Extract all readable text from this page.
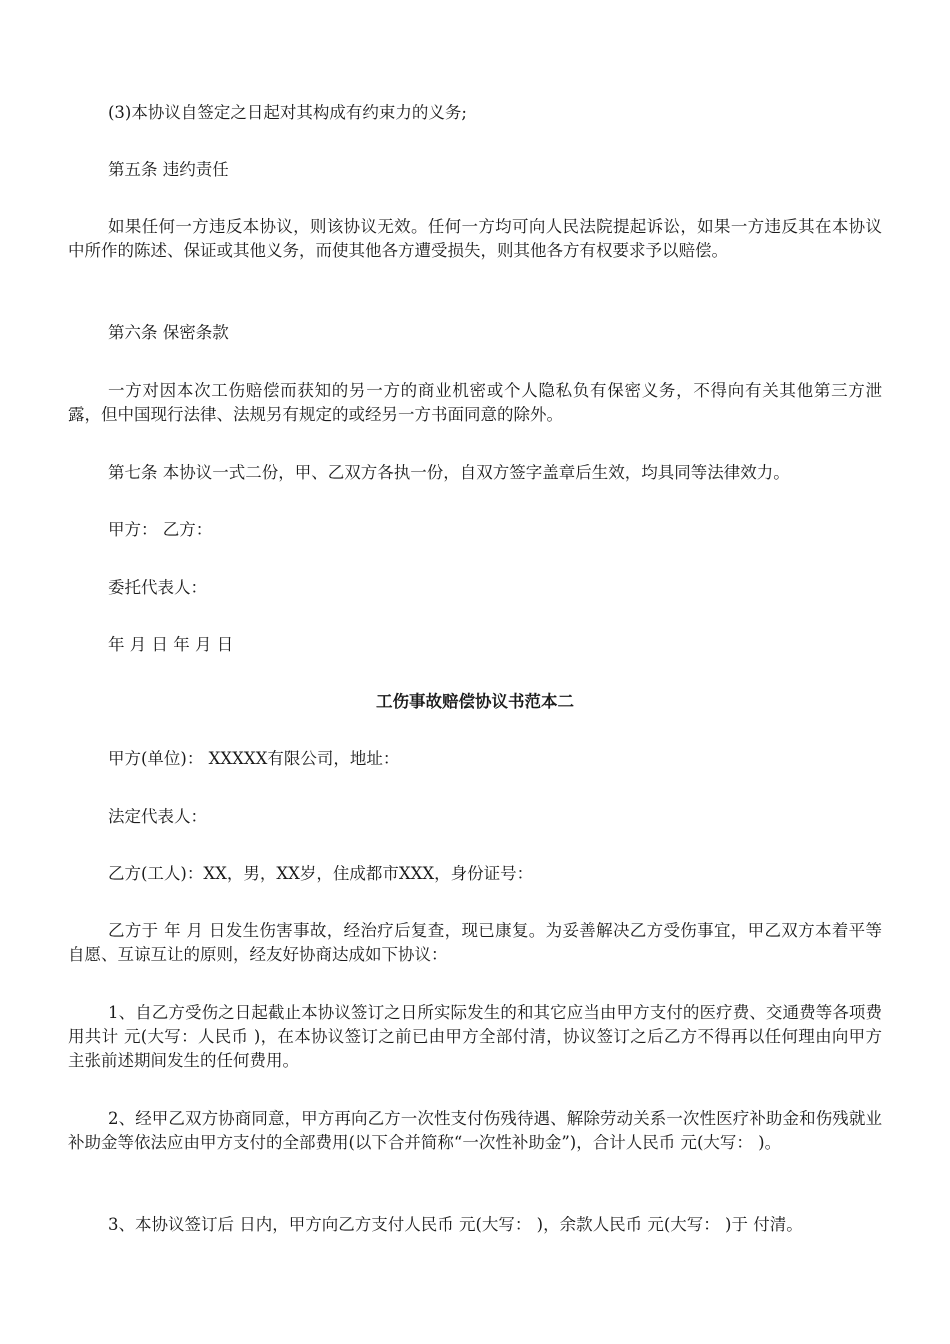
(3)本协议自签定之日起对其构成有约束力的义务;

第五条 违约责任

如果任何一方违反本协议，则该协议无效。任何一方均可向人民法院提起诉讼，如果一方违反其在本协议中所作的陈述、保证或其他义务，而使其他各方遭受损失，则其他各方有权要求予以赔偿。

第六条 保密条款

一方对因本次工伤赔偿而获知的另一方的商业机密或个人隐私负有保密义务，不得向有关其他第三方泄露，但中国现行法律、法规另有规定的或经另一方书面同意的除外。

第七条 本协议一式二份，甲、乙双方各执一份，自双方签字盖章后生效，均具同等法律效力。

甲方： 乙方：

委托代表人：

年 月 日 年 月 日

工伤事故赔偿协议书范本二

甲方(单位)： XXXXX有限公司，地址：

法定代表人：

乙方(工人)：XX，男，XX岁，住成都市XXX，身份证号：

乙方于 年 月 日发生伤害事故，经治疗后复查，现已康复。为妥善解决乙方受伤事宜，甲乙双方本着平等自愿、互谅互让的原则，经友好协商达成如下协议：

1、自乙方受伤之日起截止本协议签订之日所实际发生的和其它应当由甲方支付的医疗费、交通费等各项费用共计 元(大写：人民币 )，在本协议签订之前已由甲方全部付清，协议签订之后乙方不得再以任何理由向甲方主张前述期间发生的任何费用。

2、经甲乙双方协商同意，甲方再向乙方一次性支付伤残待遇、解除劳动关系一次性医疗补助金和伤残就业补助金等依法应由甲方支付的全部费用(以下合并简称“一次性补助金”)，合计人民币 元(大写： )。

3、本协议签订后 日内，甲方向乙方支付人民币 元(大写： )，余款人民币 元(大写： )于 付清。
